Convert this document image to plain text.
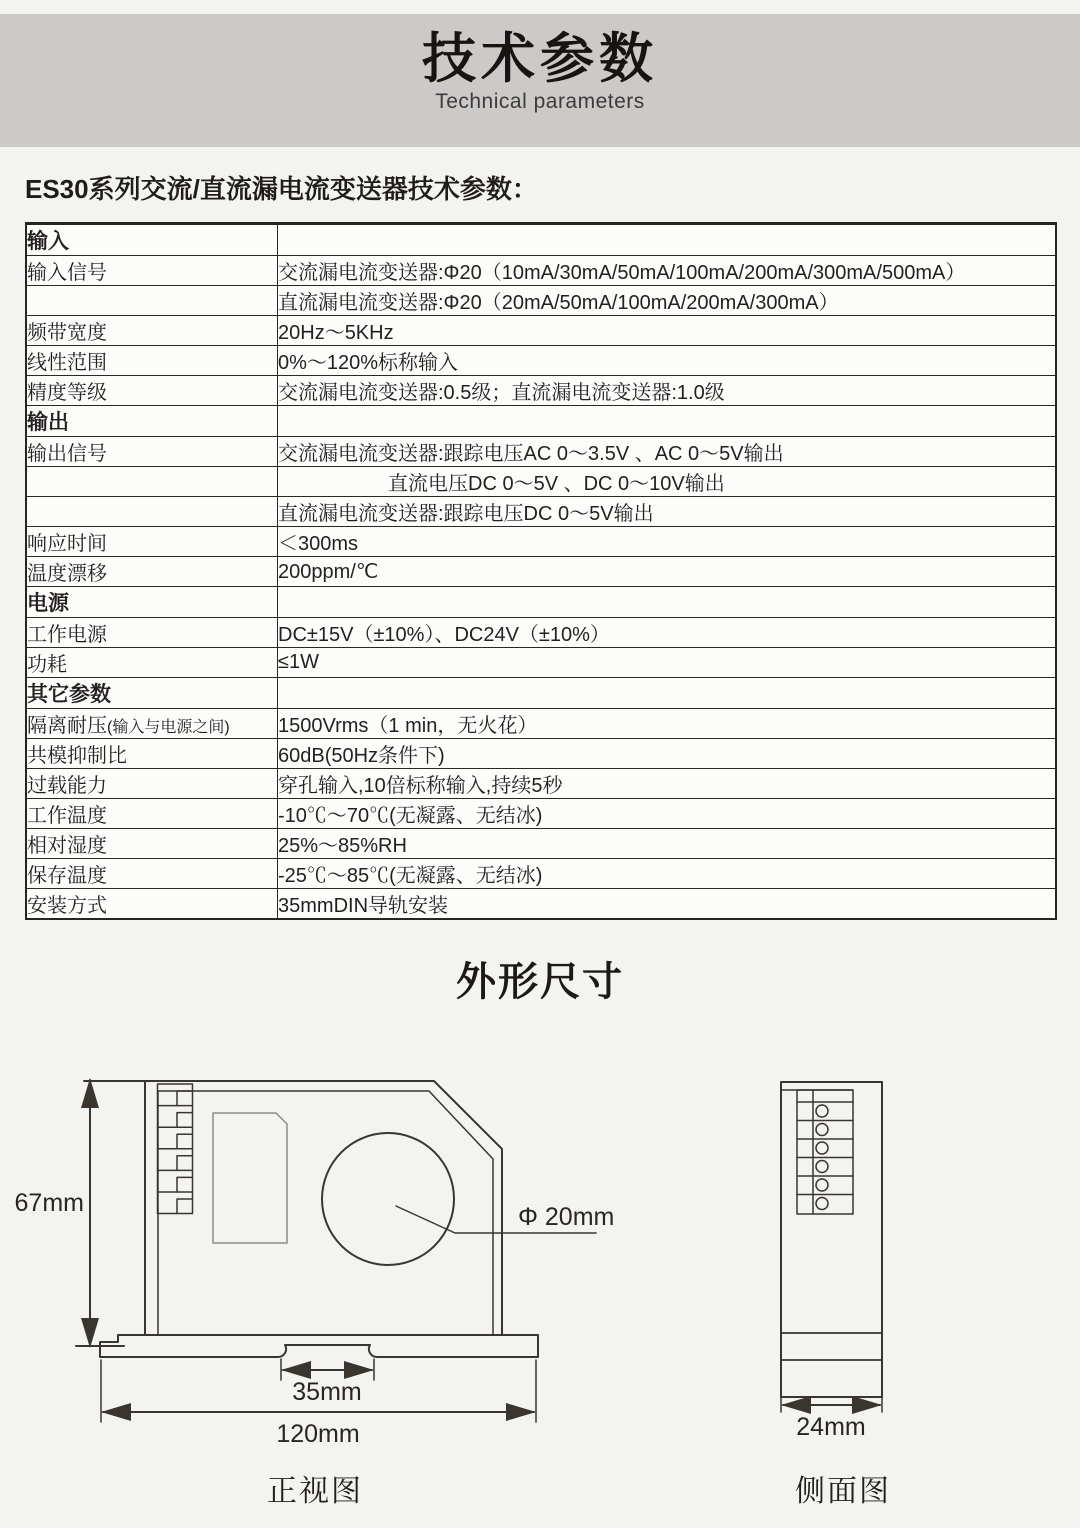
技术参数
Technical parameters
ES30系列交流/直流漏电流变送器技术参数：
输入	
输入信号	交流漏电流变送器:Φ20（10mA/30mA/50mA/100mA/200mA/300mA/500mA）
	直流漏电流变送器:Φ20（20mA/50mA/100mA/200mA/300mA）
频带宽度	20Hz～5KHz
线性范围	0%～120%标称输入
精度等级	交流漏电流变送器:0.5级；直流漏电流变送器:1.0级
输出	
输出信号	交流漏电流变送器:跟踪电压AC 0～3.5V 、AC 0～5V输出
	直流电压DC 0～5V 、DC 0～10V输出
	直流漏电流变送器:跟踪电压DC 0～5V输出
响应时间	＜300ms
温度漂移	200ppm/℃
电源	
工作电源	DC±15V（±10%）、DC24V（±10%）
功耗	≤1W
其它参数	
隔离耐压(输入与电源之间)	1500Vrms（1 min，无火花）
共模抑制比	60dB(50Hz条件下)
过载能力	穿孔输入,10倍标称输入,持续5秒
工作温度	-10℃～70℃(无凝露、无结冰)
相对湿度	25%～85%RH
保存温度	-25℃～85℃(无凝露、无结冰)
安装方式	35mmDIN导轨安装
外形尺寸
67mm	Φ 20mm
35mm
120mm	24mm
正视图	侧面图
